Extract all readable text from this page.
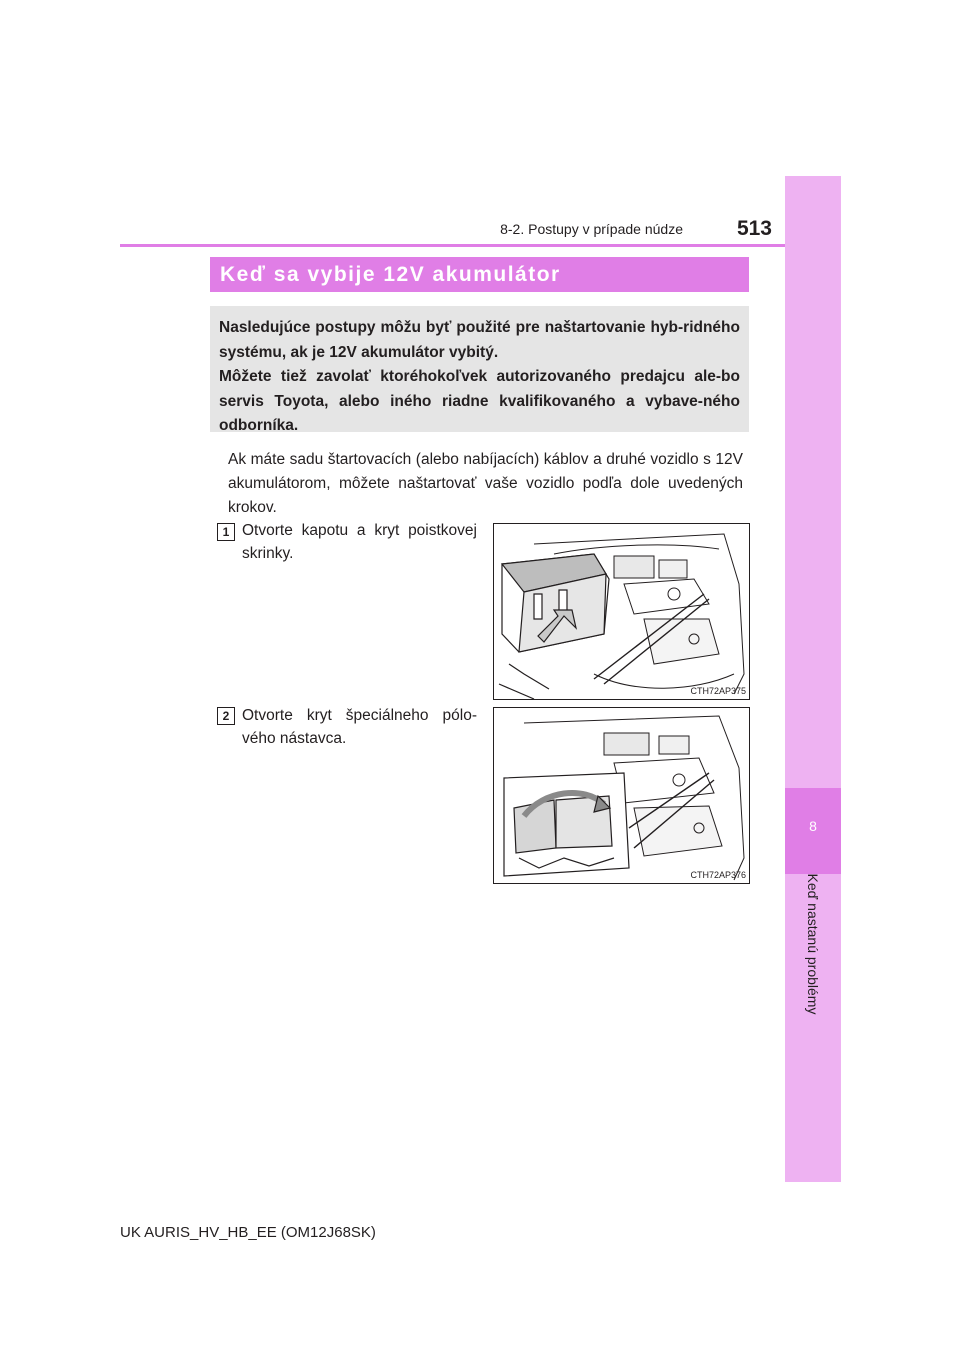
8
Keď nastanú problémy
8-2. Postupy v prípade núdze	513
Keď sa vybije 12V akumulátor

Nasledujúce postupy môžu byť použité pre naštartovanie hyb-ridného systému, ak je 12V akumulátor vybitý.

Môžete tiež zavolať ktoréhokoľvek autorizovaného predajcu ale-bo servis Toyota, alebo iného riadne kvalifikovaného a vybave-ného odborníka.

Ak máte sadu štartovacích (alebo nabíjacích) káblov a druhé vozidlo s 12V akumulátorom, môžete naštartovať vaše vozidlo podľa dole uvedených krokov.
1 Otvorte kapotu a kryt poistkovej skrinky.
CTH72AP375
2 Otvorte kryt špeciálneho pólo-vého nástavca.
CTH72AP376
UK AURIS_HV_HB_EE (OM12J68SK)
